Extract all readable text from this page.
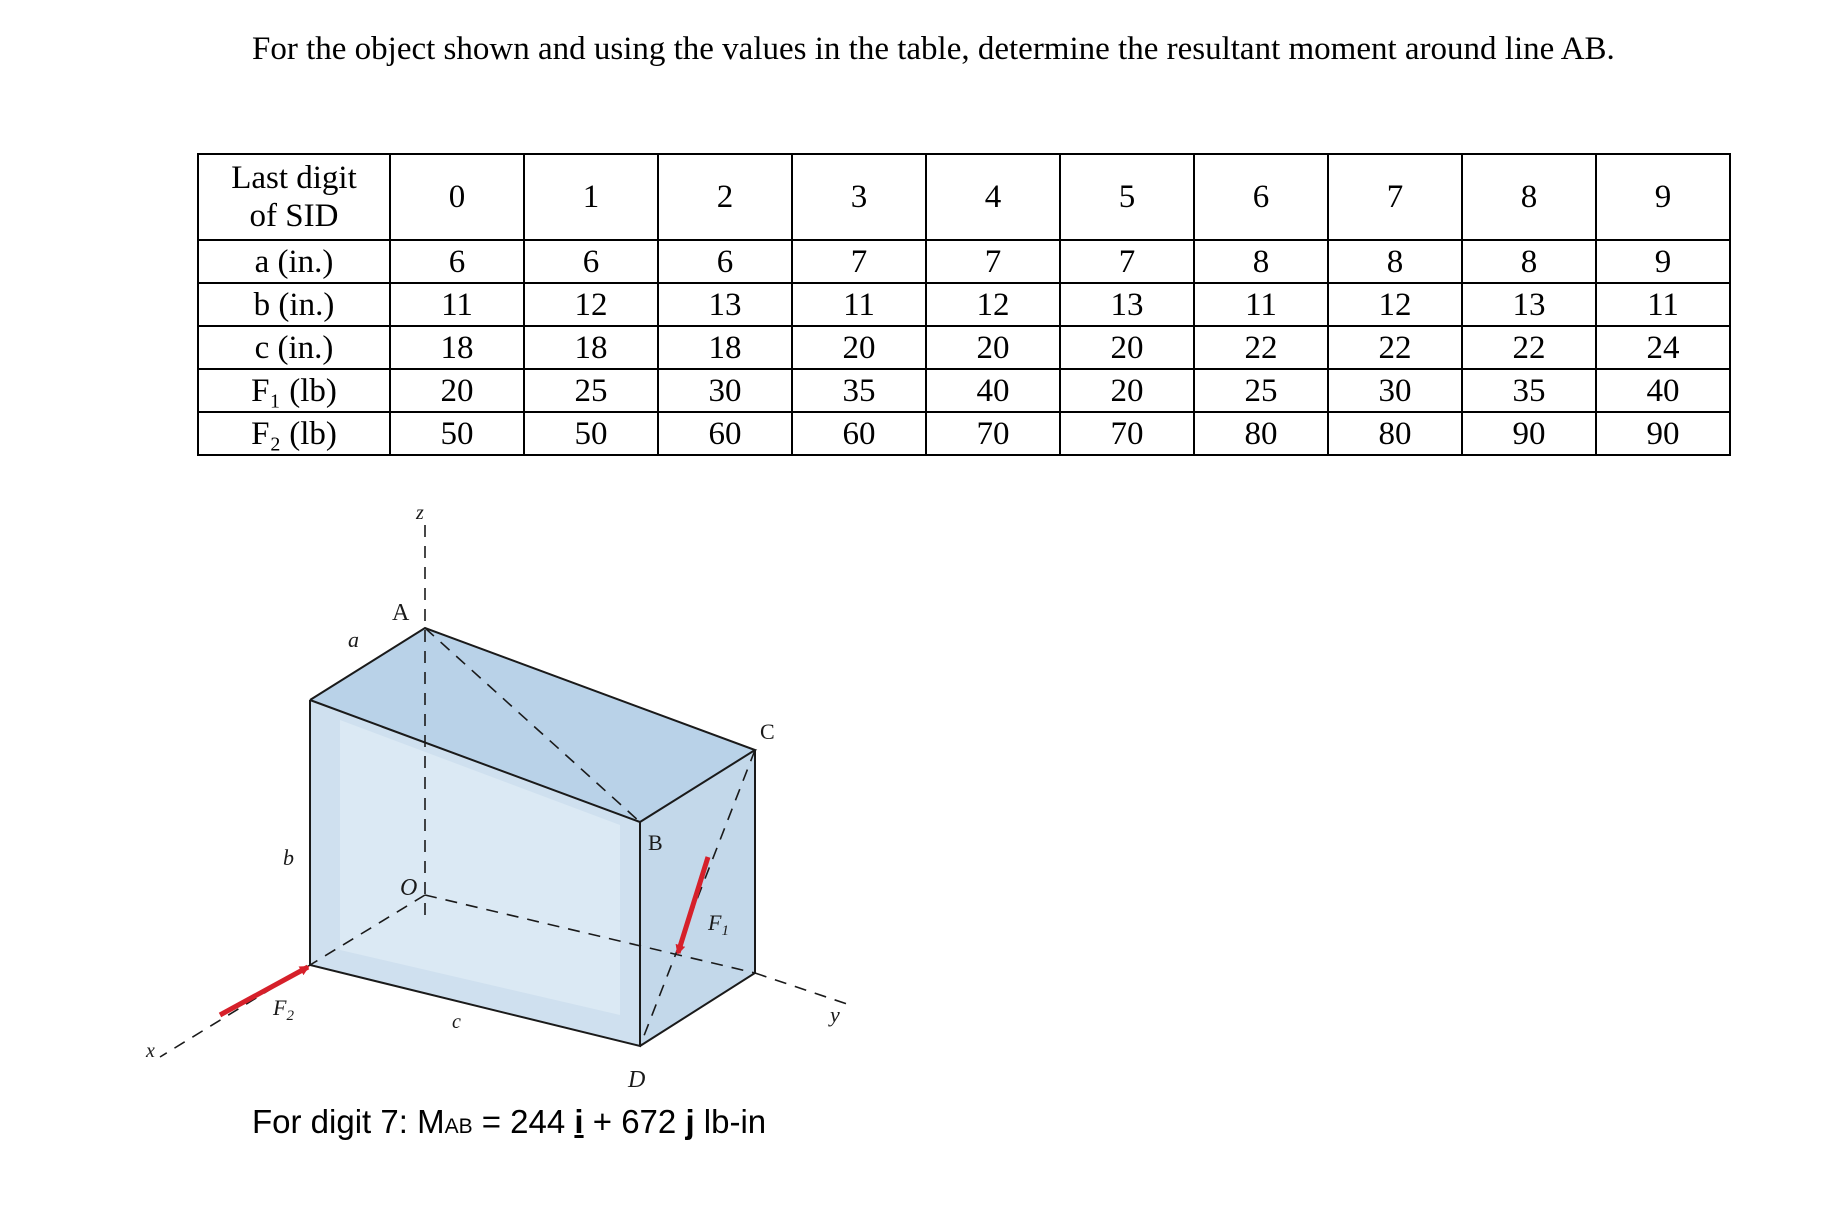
For the object shown and using the values in the table, determine the resultant moment around line AB.
Last digit
of SID	0	1	2	3	4	5	6	7	8	9
a (in.)	6	6	6	7	7	7	8	8	8	9
b (in.)	11	12	13	11	12	13	11	12	13	11
c (in.)	18	18	18	20	20	20	22	22	22	24
F₁ (lb)	20	25	30	35	40	20	25	30	35	40
F₂ (lb)	50	50	60	60	70	70	80	80	90	90
z
A
a
C
B
b
O
$F_1$
$F_2$	c	y
x
D
For digit 7: MAB = 244 i + 672 j lb-in
